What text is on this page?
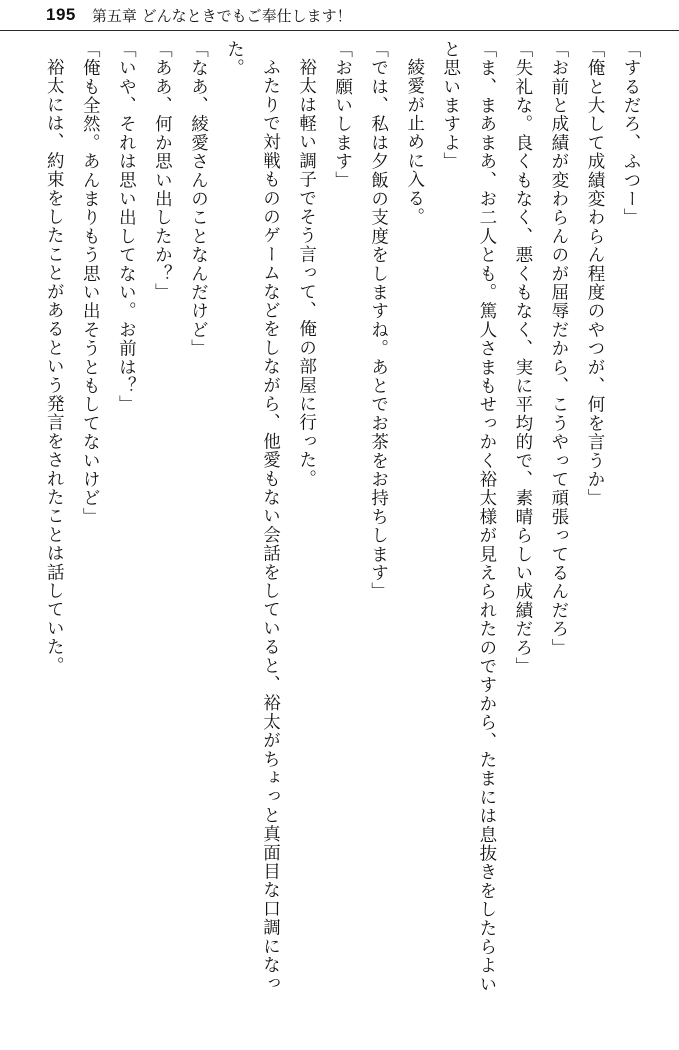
195 第五章 どんなときでもご奉仕します！

「するだろ、ふつー」

「俺と大して成績変わらん程度のやつが、何を言うか」

「お前と成績が変わらんのが屈辱だから、こうやって頑張ってるんだろ」

「失礼な。良くもなく、悪くもなく、実に平均的で、素晴らしい成績だろ」

「ま、まあまあ、お二人とも。篤人さまもせっかく裕太様が見えられたのですから、たまには息抜きをしたらよいと思いますよ」

綾愛が止めに入る。

「では、私は夕飯の支度をしますね。あとでお茶をお持ちします」

「お願いします」

裕太は軽い調子でそう言って、俺の部屋に行った。

ふたりで対戦もののゲームなどをしながら、他愛もない会話をしていると、裕太がちょっと真面目な口調になった。

「なあ、綾愛さんのことなんだけど」

「ああ、何か思い出したか？」

「いや、それは思い出してない。お前は？」

「俺も全然。あんまりもう思い出そうともしてないけど」

裕太には、約束をしたことがあるという発言をされたことは話していた。
